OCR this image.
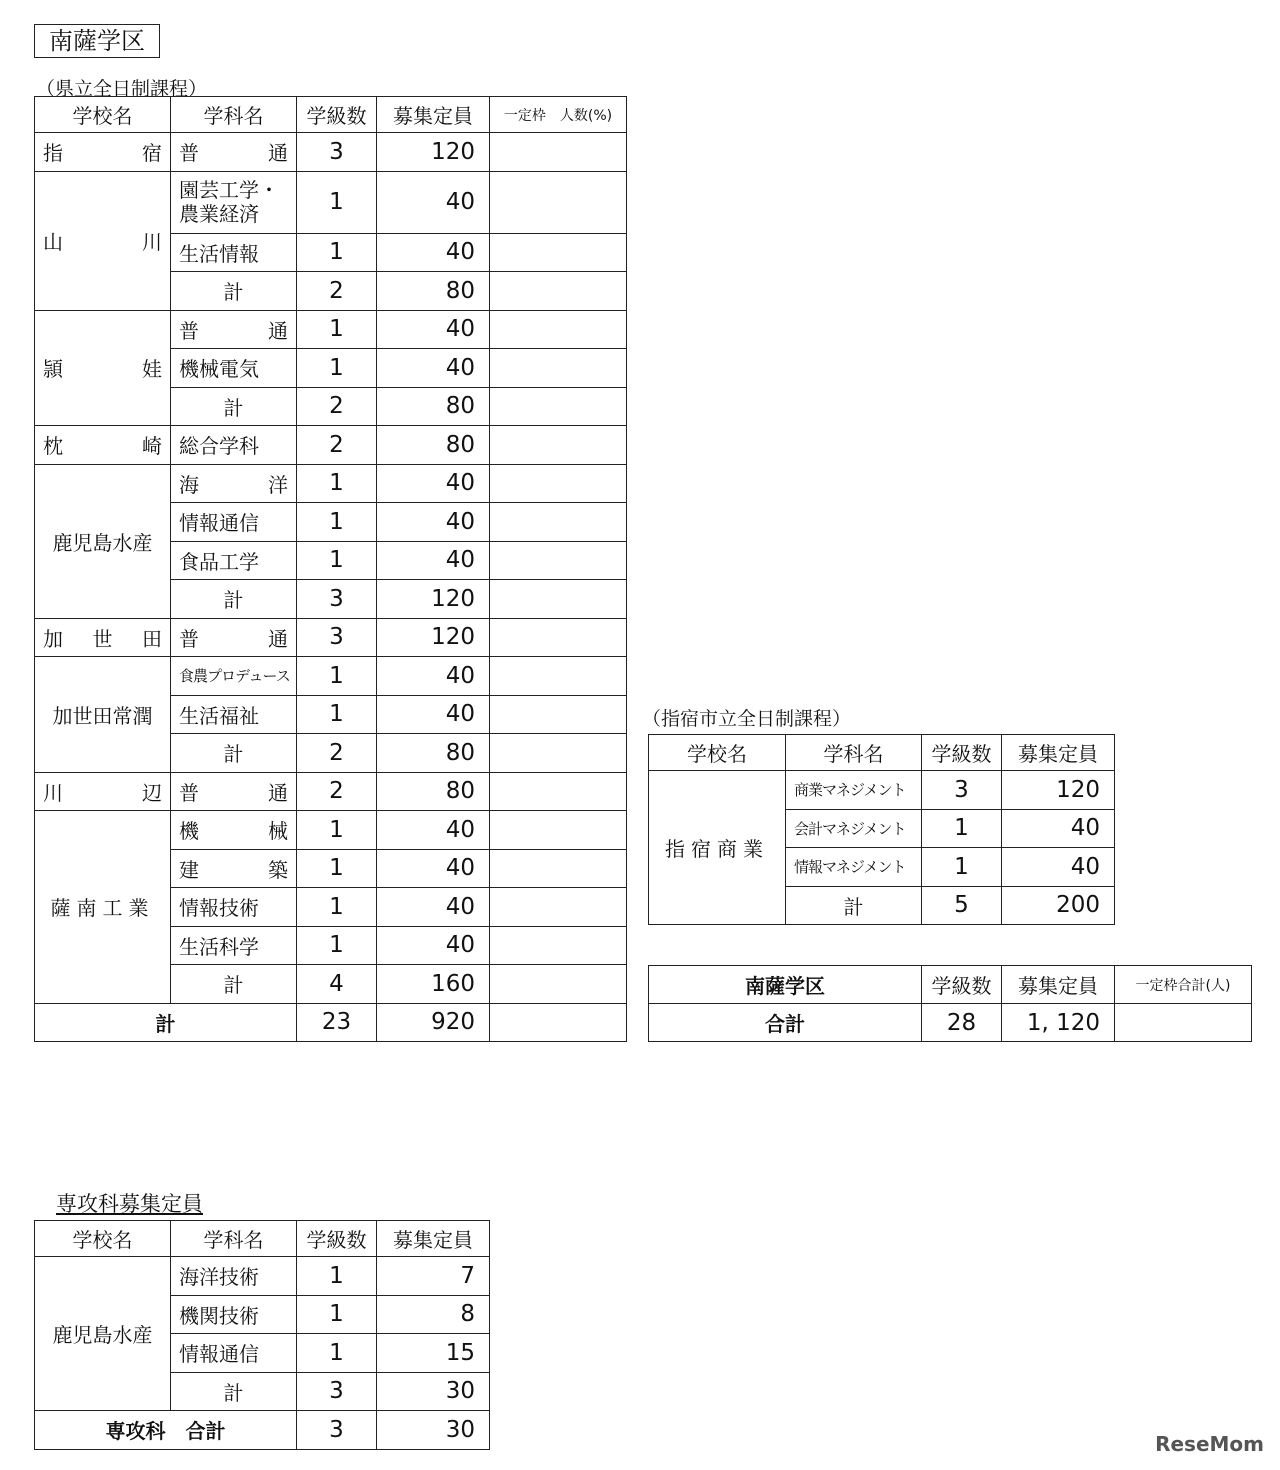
南薩学区
（県立全日制課程）
学校名	学科名	学級数	募集定員	一定枠　人数(%)
指　宿	普　通	3	120	
山　川	園芸工学・農業経済	1	40	
	生活情報	1	40	
	計	2	80	
頴　娃	普　通	1	40	
	機械電気	1	40	
	計	2	80	
枕　崎	総合学科	2	80	
鹿児島水産	海　洋	1	40	
	情報通信	1	40	
	食品工学	1	40	
	計	3	120	
加世田	普　通	3	120	
加世田常潤	食農プロデュース	1	40	
	生活福祉	1	40	
	計	2	80	
川　辺	普　通	2	80	
薩南工業	機　械	1	40	
	建　築	1	40	
	情報技術	1	40	
	生活科学	1	40	
	計	4	160	
計		23	920	
（指宿市立全日制課程）
学校名	学科名	学級数	募集定員
指宿商業	商業マネジメント	3	120
	会計マネジメント	1	40
	情報マネジメント	1	40
	計	5	200
南薩学区	学級数	募集定員	一定枠合計(人)
合計	28	1, 120	
専攻科募集定員
学校名	学科名	学級数	募集定員
鹿児島水産	海洋技術	1	7
	機関技術	1	8
	情報通信	1	15
	計	3	30
専攻科　合計		3	30
ReseMom
